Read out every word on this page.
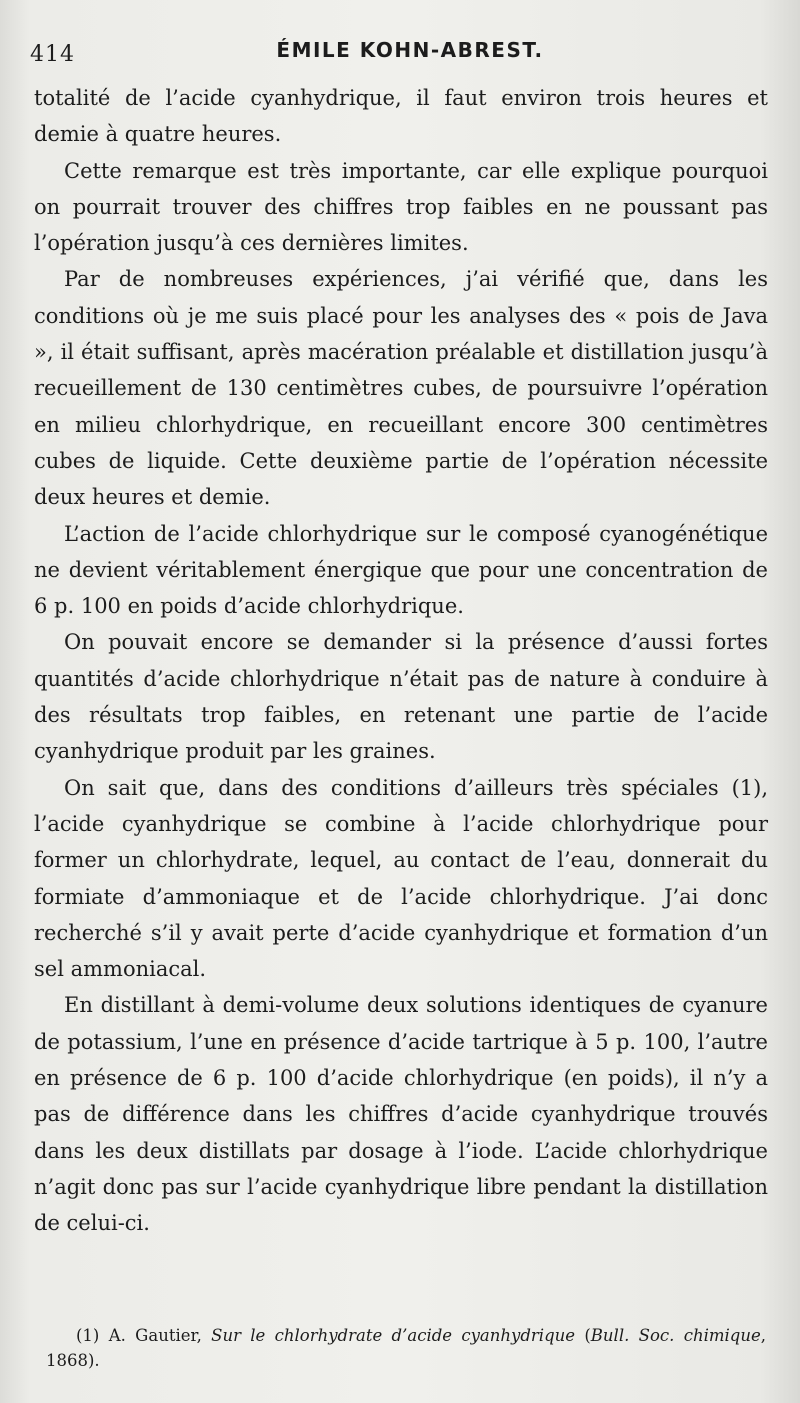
414	ÉMILE KOHN-ABREST.

totalité de l’acide cyanhydrique, il faut environ trois heures et demie à quatre heures.

Cette remarque est très importante, car elle explique pourquoi on pourrait trouver des chiffres trop faibles en ne poussant pas l’opération jusqu’à ces dernières limites.

Par de nombreuses expériences, j’ai vérifié que, dans les conditions où je me suis placé pour les analyses des « pois de Java », il était suffisant, après macération préalable et distillation jusqu’à recueillement de 130 centimètres cubes, de poursuivre l’opération en milieu chlorhydrique, en recueillant encore 300 centimètres cubes de liquide. Cette deuxième partie de l’opération nécessite deux heures et demie.

L’action de l’acide chlorhydrique sur le composé cyanogénétique ne devient véritablement énergique que pour une concentration de 6 p. 100 en poids d’acide chlorhydrique.

On pouvait encore se demander si la présence d’aussi fortes quantités d’acide chlorhydrique n’était pas de nature à conduire à des résultats trop faibles, en retenant une partie de l’acide cyanhydrique produit par les graines.

On sait que, dans des conditions d’ailleurs très spéciales (1), l’acide cyanhydrique se combine à l’acide chlorhydrique pour former un chlorhydrate, lequel, au contact de l’eau, donnerait du formiate d’ammoniaque et de l’acide chlorhydrique. J’ai donc recherché s’il y avait perte d’acide cyanhydrique et formation d’un sel ammoniacal.

En distillant à demi-volume deux solutions identiques de cyanure de potassium, l’une en présence d’acide tartrique à 5 p. 100, l’autre en présence de 6 p. 100 d’acide chlorhydrique (en poids), il n’y a pas de différence dans les chiffres d’acide cyanhydrique trouvés dans les deux distillats par dosage à l’iode. L’acide chlorhydrique n’agit donc pas sur l’acide cyanhydrique libre pendant la distillation de celui-ci.

(1) A. Gautier, Sur le chlorhydrate d’acide cyanhydrique (Bull. Soc. chimique, 1868).
